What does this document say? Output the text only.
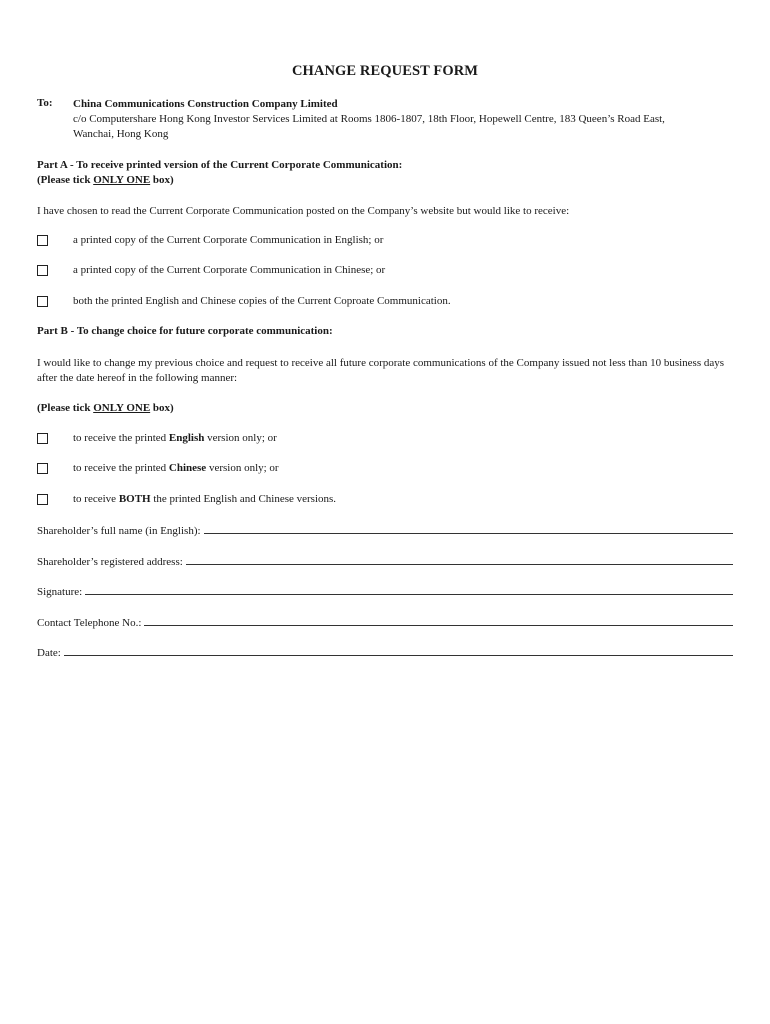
CHANGE REQUEST FORM
To: China Communications Construction Company Limited
c/o Computershare Hong Kong Investor Services Limited at Rooms 1806-1807, 18th Floor, Hopewell Centre, 183 Queen’s Road East,
Wanchai, Hong Kong
Part A - To receive printed version of the Current Corporate Communication:
(Please tick ONLY ONE box)
I have chosen to read the Current Corporate Communication posted on the Company’s website but would like to receive:
a printed copy of the Current Corporate Communication in English; or
a printed copy of the Current Corporate Communication in Chinese; or
both the printed English and Chinese copies of the Current Coproate Communication.
Part B - To change choice for future corporate communication:
I would like to change my previous choice and request to receive all future corporate communications of the Company issued not less than 10 business days after the date hereof in the following manner:
(Please tick ONLY ONE box)
to receive the printed English version only; or
to receive the printed Chinese version only; or
to receive BOTH the printed English and Chinese versions.
Shareholder’s full name (in English):
Shareholder’s registered address:
Signature:
Contact Telephone No.:
Date:
